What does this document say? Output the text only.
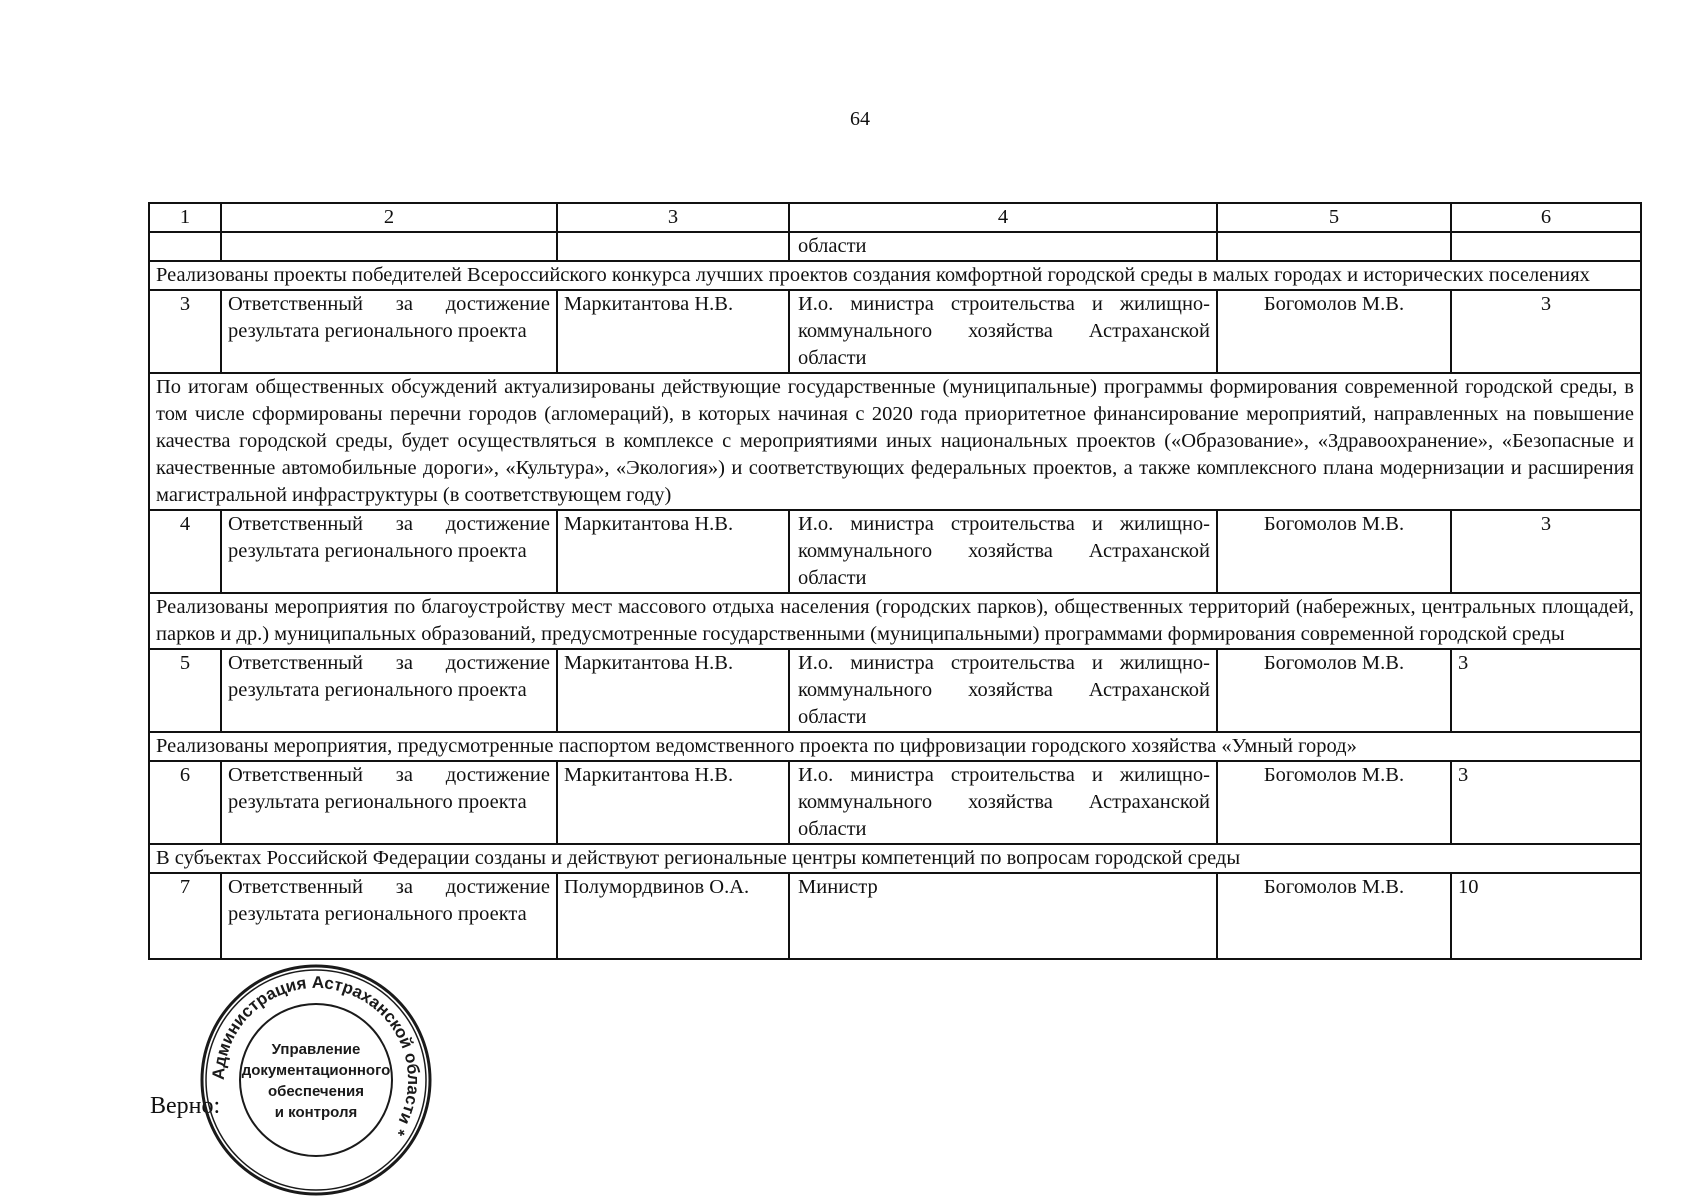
64
1	2	3	4	5	6
			области		
Реализованы проекты победителей Всероссийского конкурса лучших проектов создания комфортной городской среды в малых городах и исторических поселениях					
3	Ответственный за достижение результата регионального проекта	Маркитантова Н.В.	И.о. министра строительства и жилищно-коммунального хозяйства Астраханской области	Богомолов М.В.	3
По итогам общественных обсуждений актуализированы действующие государственные (муниципальные) программы формирования современной городской среды, в том числе сформированы перечни городов (агломераций), в которых начиная с 2020 года приоритетное финансирование мероприятий, направленных на повышение качества городской среды, будет осуществляться в комплексе с мероприятиями иных национальных проектов («Образование», «Здравоохранение», «Безопасные и качественные автомобильные дороги», «Культура», «Экология») и соответствующих федеральных проектов, а также комплексного плана модернизации и расширения магистральной инфраструктуры (в соответствующем году)					
4	Ответственный за достижение результата регионального проекта	Маркитантова Н.В.	И.о. министра строительства и жилищно-коммунального хозяйства Астраханской области	Богомолов М.В.	3
Реализованы мероприятия по благоустройству мест массового отдыха населения (городских парков), общественных территорий (набережных, центральных площадей, парков и др.) муниципальных образований, предусмотренные государственными (муниципальными) программами формирования современной городской среды					
5	Ответственный за достижение результата регионального проекта	Маркитантова Н.В.	И.о. министра строительства и жилищно-коммунального хозяйства Астраханской области	Богомолов М.В.	3
Реализованы мероприятия, предусмотренные паспортом ведомственного проекта по цифровизации городского хозяйства «Умный город»					
6	Ответственный за достижение результата регионального проекта	Маркитантова Н.В.	И.о. министра строительства и жилищно-коммунального хозяйства Астраханской области	Богомолов М.В.	3
В субъектах Российской Федерации созданы и действуют региональные центры компетенций по вопросам городской среды					
7	Ответственный за достижение результата регионального проекта	Полумордвинов О.А.	Министр	Богомолов М.В.	10
Верно:
Администрация Астраханской области *
Управление
документационного
обеспечения
и контроля
